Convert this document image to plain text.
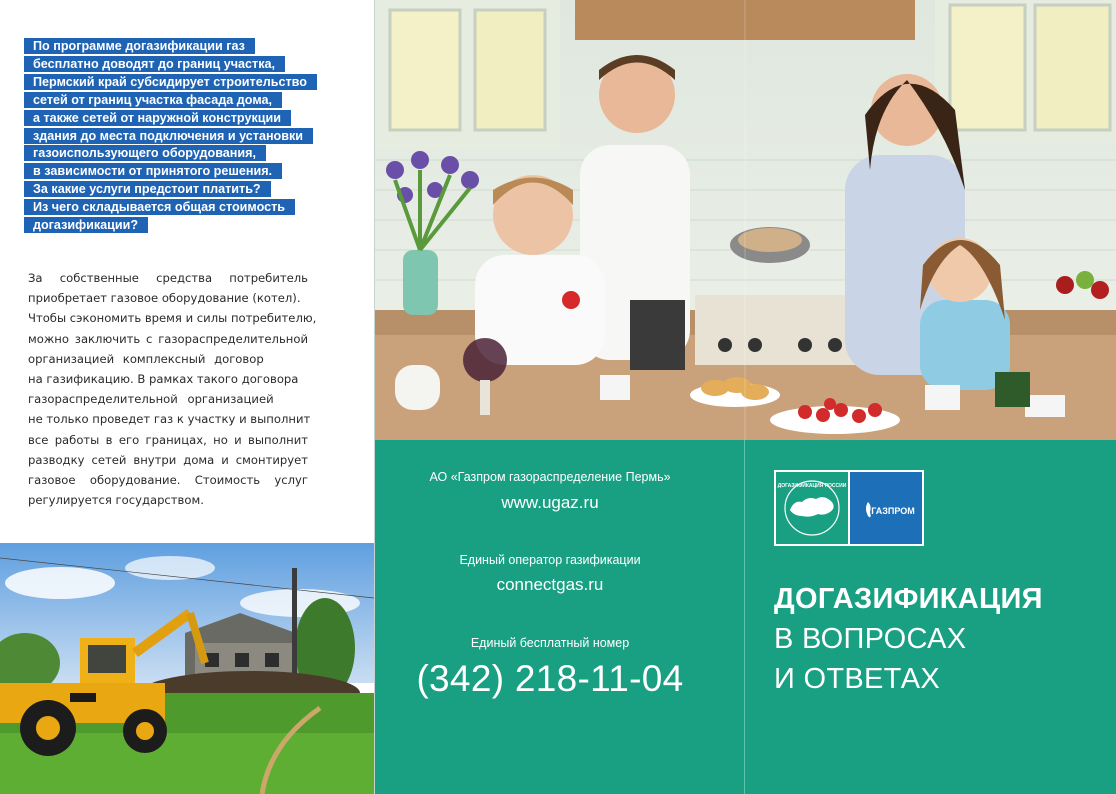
По программе догазификации газ
бесплатно доводят до границ участка,
Пермский край субсидирует строительство
сетей от границ участка фасада дома,
а также сетей от наружной конструкции
здания до места подключения и установки
газоиспользующего оборудования,
в зависимости от принятого решения.
За какие услуги предстоит платить?
Из чего складывается общая стоимость
догазификации?
За собственные средства потребитель
приобретает газовое оборудование (котел).
Чтобы сэкономить время и силы потребителю,
можно заключить с газораспределительной
организацией комплексный договор
на газификацию. В рамках такого договора
газораспределительной организацией
не только проведет газ к участку и выполнит
все работы в его границах, но и выполнит
разводку сетей внутри дома и смонтирует
газовое оборудование. Стоимость услуг
регулируется государством.
АО «Газпром газораспределение Пермь»
www.ugaz.ru
Единый оператор газификации
connectgas.ru
Единый бесплатный номер
(342) 218-11-04
ДОГАЗИФИКАЦИЯ РОССИИ
ГАЗПРОМ
ДОГАЗИФИКАЦИЯ
В ВОПРОСАХ
И ОТВЕТАХ
